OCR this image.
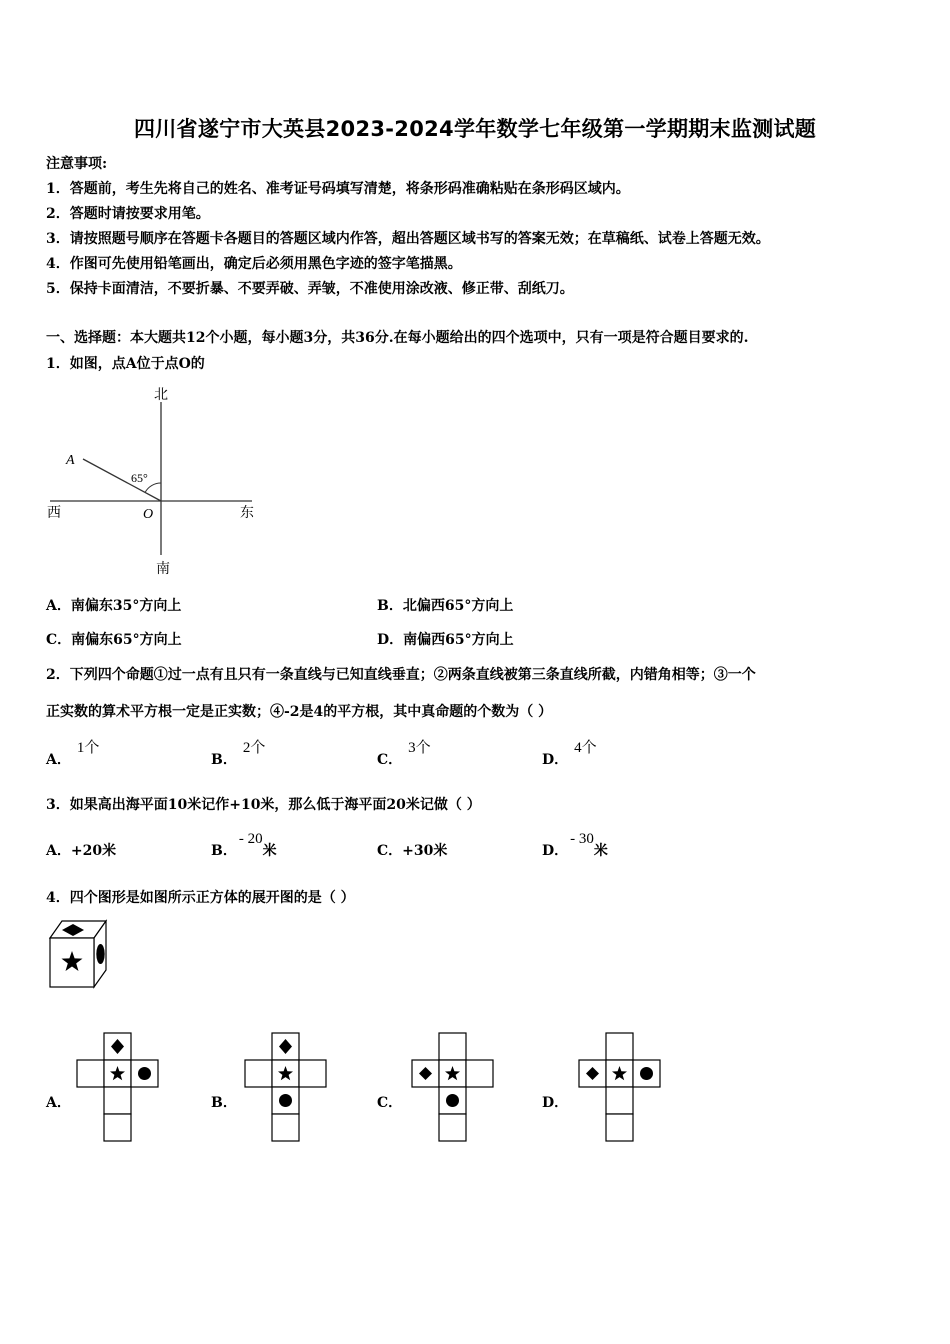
四川省遂宁市大英县2023-2024学年数学七年级第一学期期末监测试题
注意事项:
1．答题前，考生先将自己的姓名、准考证号码填写清楚，将条形码准确粘贴在条形码区域内。
2．答题时请按要求用笔。
3．请按照题号顺序在答题卡各题目的答题区域内作答，超出答题区域书写的答案无效；在草稿纸、试卷上答题无效。
4．作图可先使用铅笔画出，确定后必须用黑色字迹的签字笔描黑。
5．保持卡面清洁，不要折暴、不要弄破、弄皱，不准使用涂改液、修正带、刮纸刀。
一、选择题：本大题共12个小题，每小题3分，共36分.在每小题给出的四个选项中，只有一项是符合题目要求的.
1．如图，点A位于点O的
北
南
东
西
A
O
65°
A．南偏东35°方向上	B．北偏西65°方向上
C．南偏东65°方向上	D．南偏西65°方向上
2．下列四个命题①过一点有且只有一条直线与已知直线垂直；②两条直线被第三条直线所截，内错角相等；③一个
正实数的算术平方根一定是正实数；④-2是4的平方根，其中真命题的个数为（ ）
A．1个
B．2个
C．3个
D．4个
3．如果高出海平面10米记作+10米，那么低于海平面20米记做（ ）
A．+20米	B．- 20米	C．+30米	D．- 30米
4．四个图形是如图所示正方体的展开图的是（ ）
A．	B．	C．	D．
